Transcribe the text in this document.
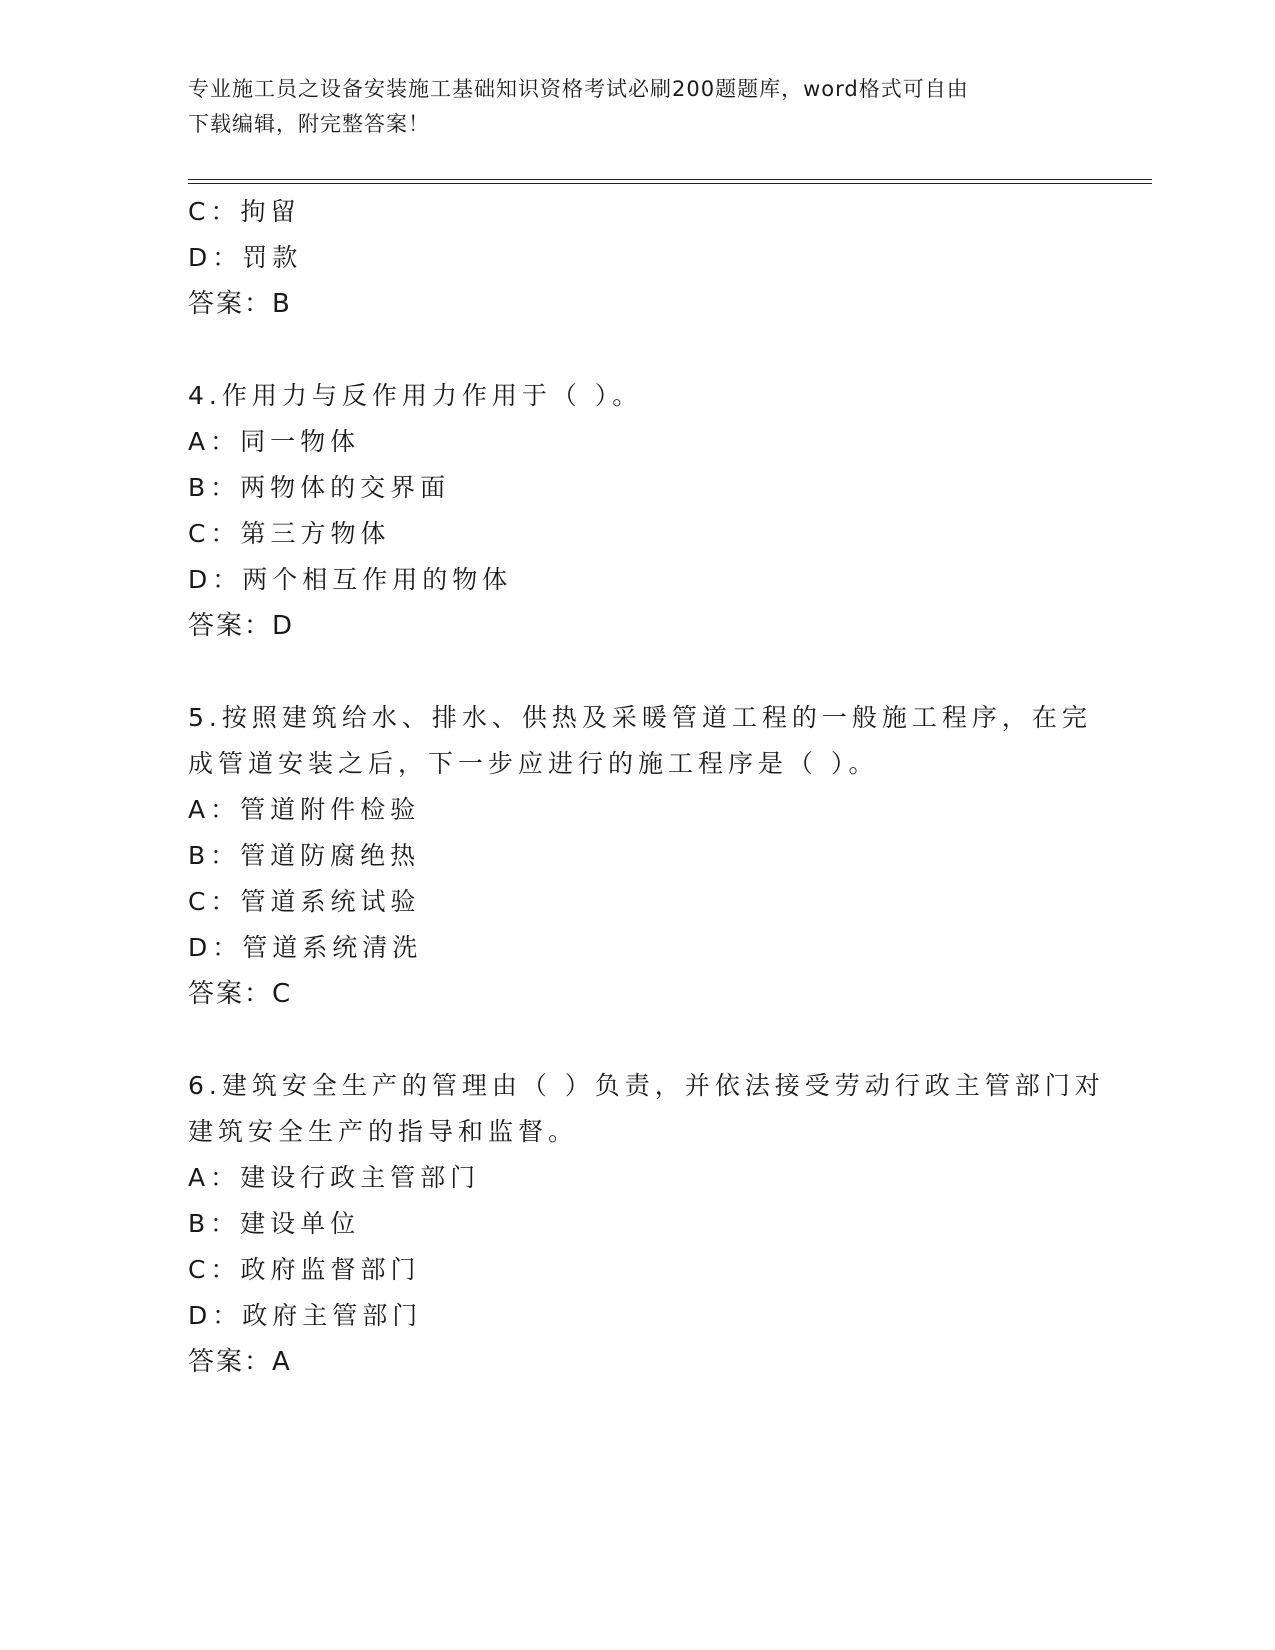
专业施工员之设备安装施工基础知识资格考试必刷200题题库，word格式可自由
下载编辑，附完整答案！
C：拘留
D：罚款
答案：B
4.作用力与反作用力作用于（ ）。
A：同一物体
B：两物体的交界面
C：第三方物体
D：两个相互作用的物体
答案：D
5.按照建筑给水、排水、供热及采暖管道工程的一般施工程序，在完
成管道安装之后，下一步应进行的施工程序是（ ）。
A：管道附件检验
B：管道防腐绝热
C：管道系统试验
D：管道系统清洗
答案：C
6.建筑安全生产的管理由（ ）负责，并依法接受劳动行政主管部门对
建筑安全生产的指导和监督。
A：建设行政主管部门
B：建设单位
C：政府监督部门
D：政府主管部门
答案：A
